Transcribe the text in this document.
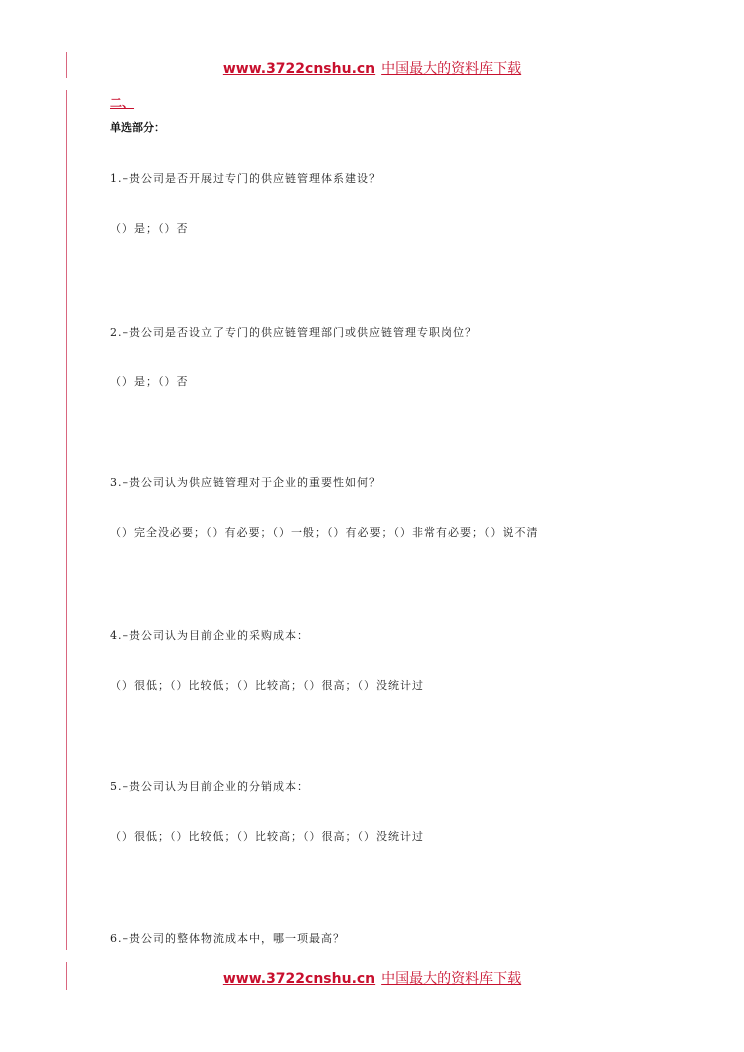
www.3722cnshu.cn 中国最大的资料库下载
二、
单选部分：
1.–贵公司是否开展过专门的供应链管理体系建设？
（）是；（）否
2.–贵公司是否设立了专门的供应链管理部门或供应链管理专职岗位？
（）是；（）否
3.–贵公司认为供应链管理对于企业的重要性如何？
（）完全没必要；（）有必要；（）一般；（）有必要；（）非常有必要；（）说不清
4.–贵公司认为目前企业的采购成本：
（）很低；（）比较低；（）比较高；（）很高；（）没统计过
5.–贵公司认为目前企业的分销成本：
（）很低；（）比较低；（）比较高；（）很高；（）没统计过
6.–贵公司的整体物流成本中，哪一项最高？
www.3722cnshu.cn 中国最大的资料库下载
